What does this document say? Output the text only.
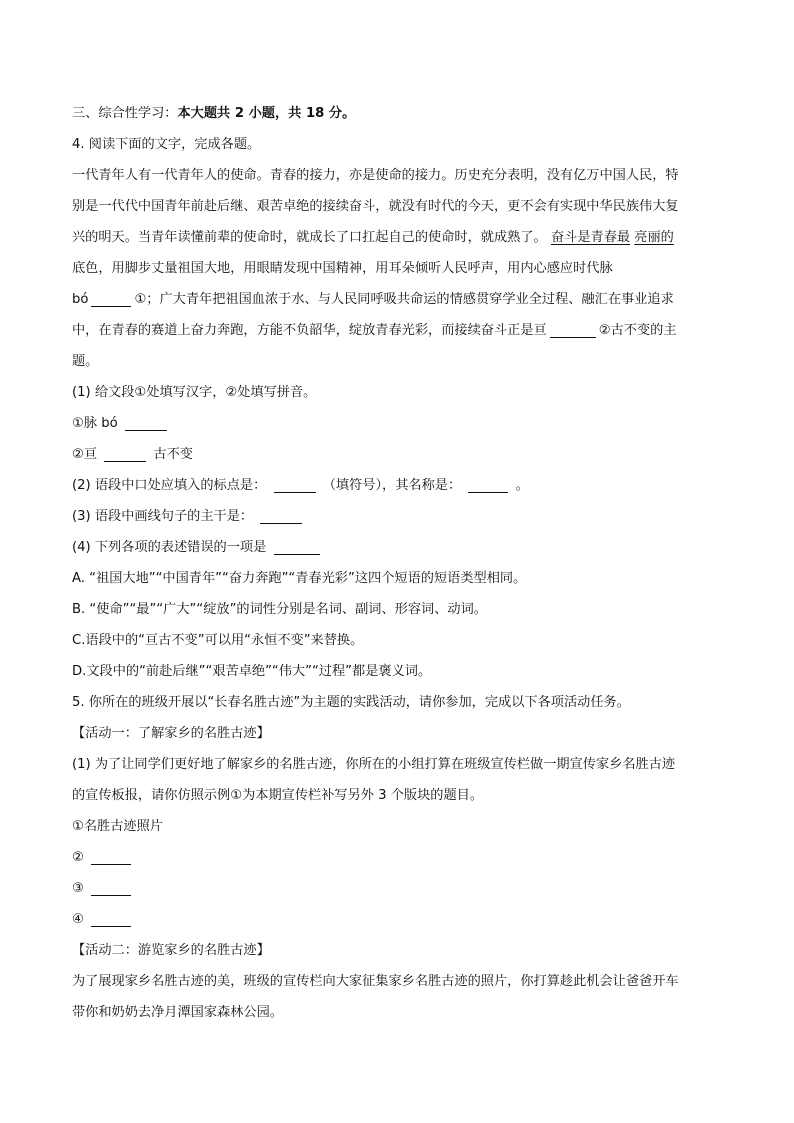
三、综合性学习：本大题共 2 小题，共 18 分。
4. 阅读下面的文字，完成各题。
一代青年人有一代青年人的使命。青春的接力，亦是使命的接力。历史充分表明，没有亿万中国人民，特
别是一代代中国青年前赴后继、艰苦卓绝的接续奋斗，就没有时代的今天，更不会有实现中华民族伟大复
兴的明天。当青年读懂前辈的使命时，就成长了口扛起自己的使命时，就成熟了。 奋斗是青春最 亮丽的
底色，用脚步丈量祖国大地，用眼睛发现中国精神，用耳朵倾听人民呼声，用内心感应时代脉
bó	①；广大青年把祖国血浓于水、与人民同呼吸共命运的情感贯穿学业全过程、融汇在事业追求
中，在青春的赛道上奋力奔跑，方能不负韶华，绽放青春光彩，而接续奋斗正是亘	②古不变的主
题。
(1) 给文段①处填写汉字，②处填写拼音。
①脉 bó
②亘	古不变
(2) 语段中口处应填入的标点是：	（填符号），其名称是：	。
(3) 语段中画线句子的主干是：
(4) 下列各项的表述错误的一项是
A. “祖国大地”“中国青年”“奋力奔跑”“青春光彩”这四个短语的短语类型相同。
B. “使命”“最”“广大”“绽放”的词性分别是名词、副词、形容词、动词。
C.语段中的“亘古不变”可以用“永恒不变”来替换。
D.文段中的“前赴后继”“艰苦卓绝”“伟大”“过程”都是褒义词。
5. 你所在的班级开展以“长春名胜古迹”为主题的实践活动，请你参加，完成以下各项活动任务。
【活动一：了解家乡的名胜古迹】
(1) 为了让同学们更好地了解家乡的名胜古迹，你所在的小组打算在班级宣传栏做一期宣传家乡名胜古迹
的宣传板报，请你仿照示例①为本期宣传栏补写另外 3 个版块的题目。
①名胜古迹照片
②
③
④
【活动二：游览家乡的名胜古迹】
为了展现家乡名胜古迹的美，班级的宣传栏向大家征集家乡名胜古迹的照片，你打算趁此机会让爸爸开车
带你和奶奶去净月潭国家森林公园。
